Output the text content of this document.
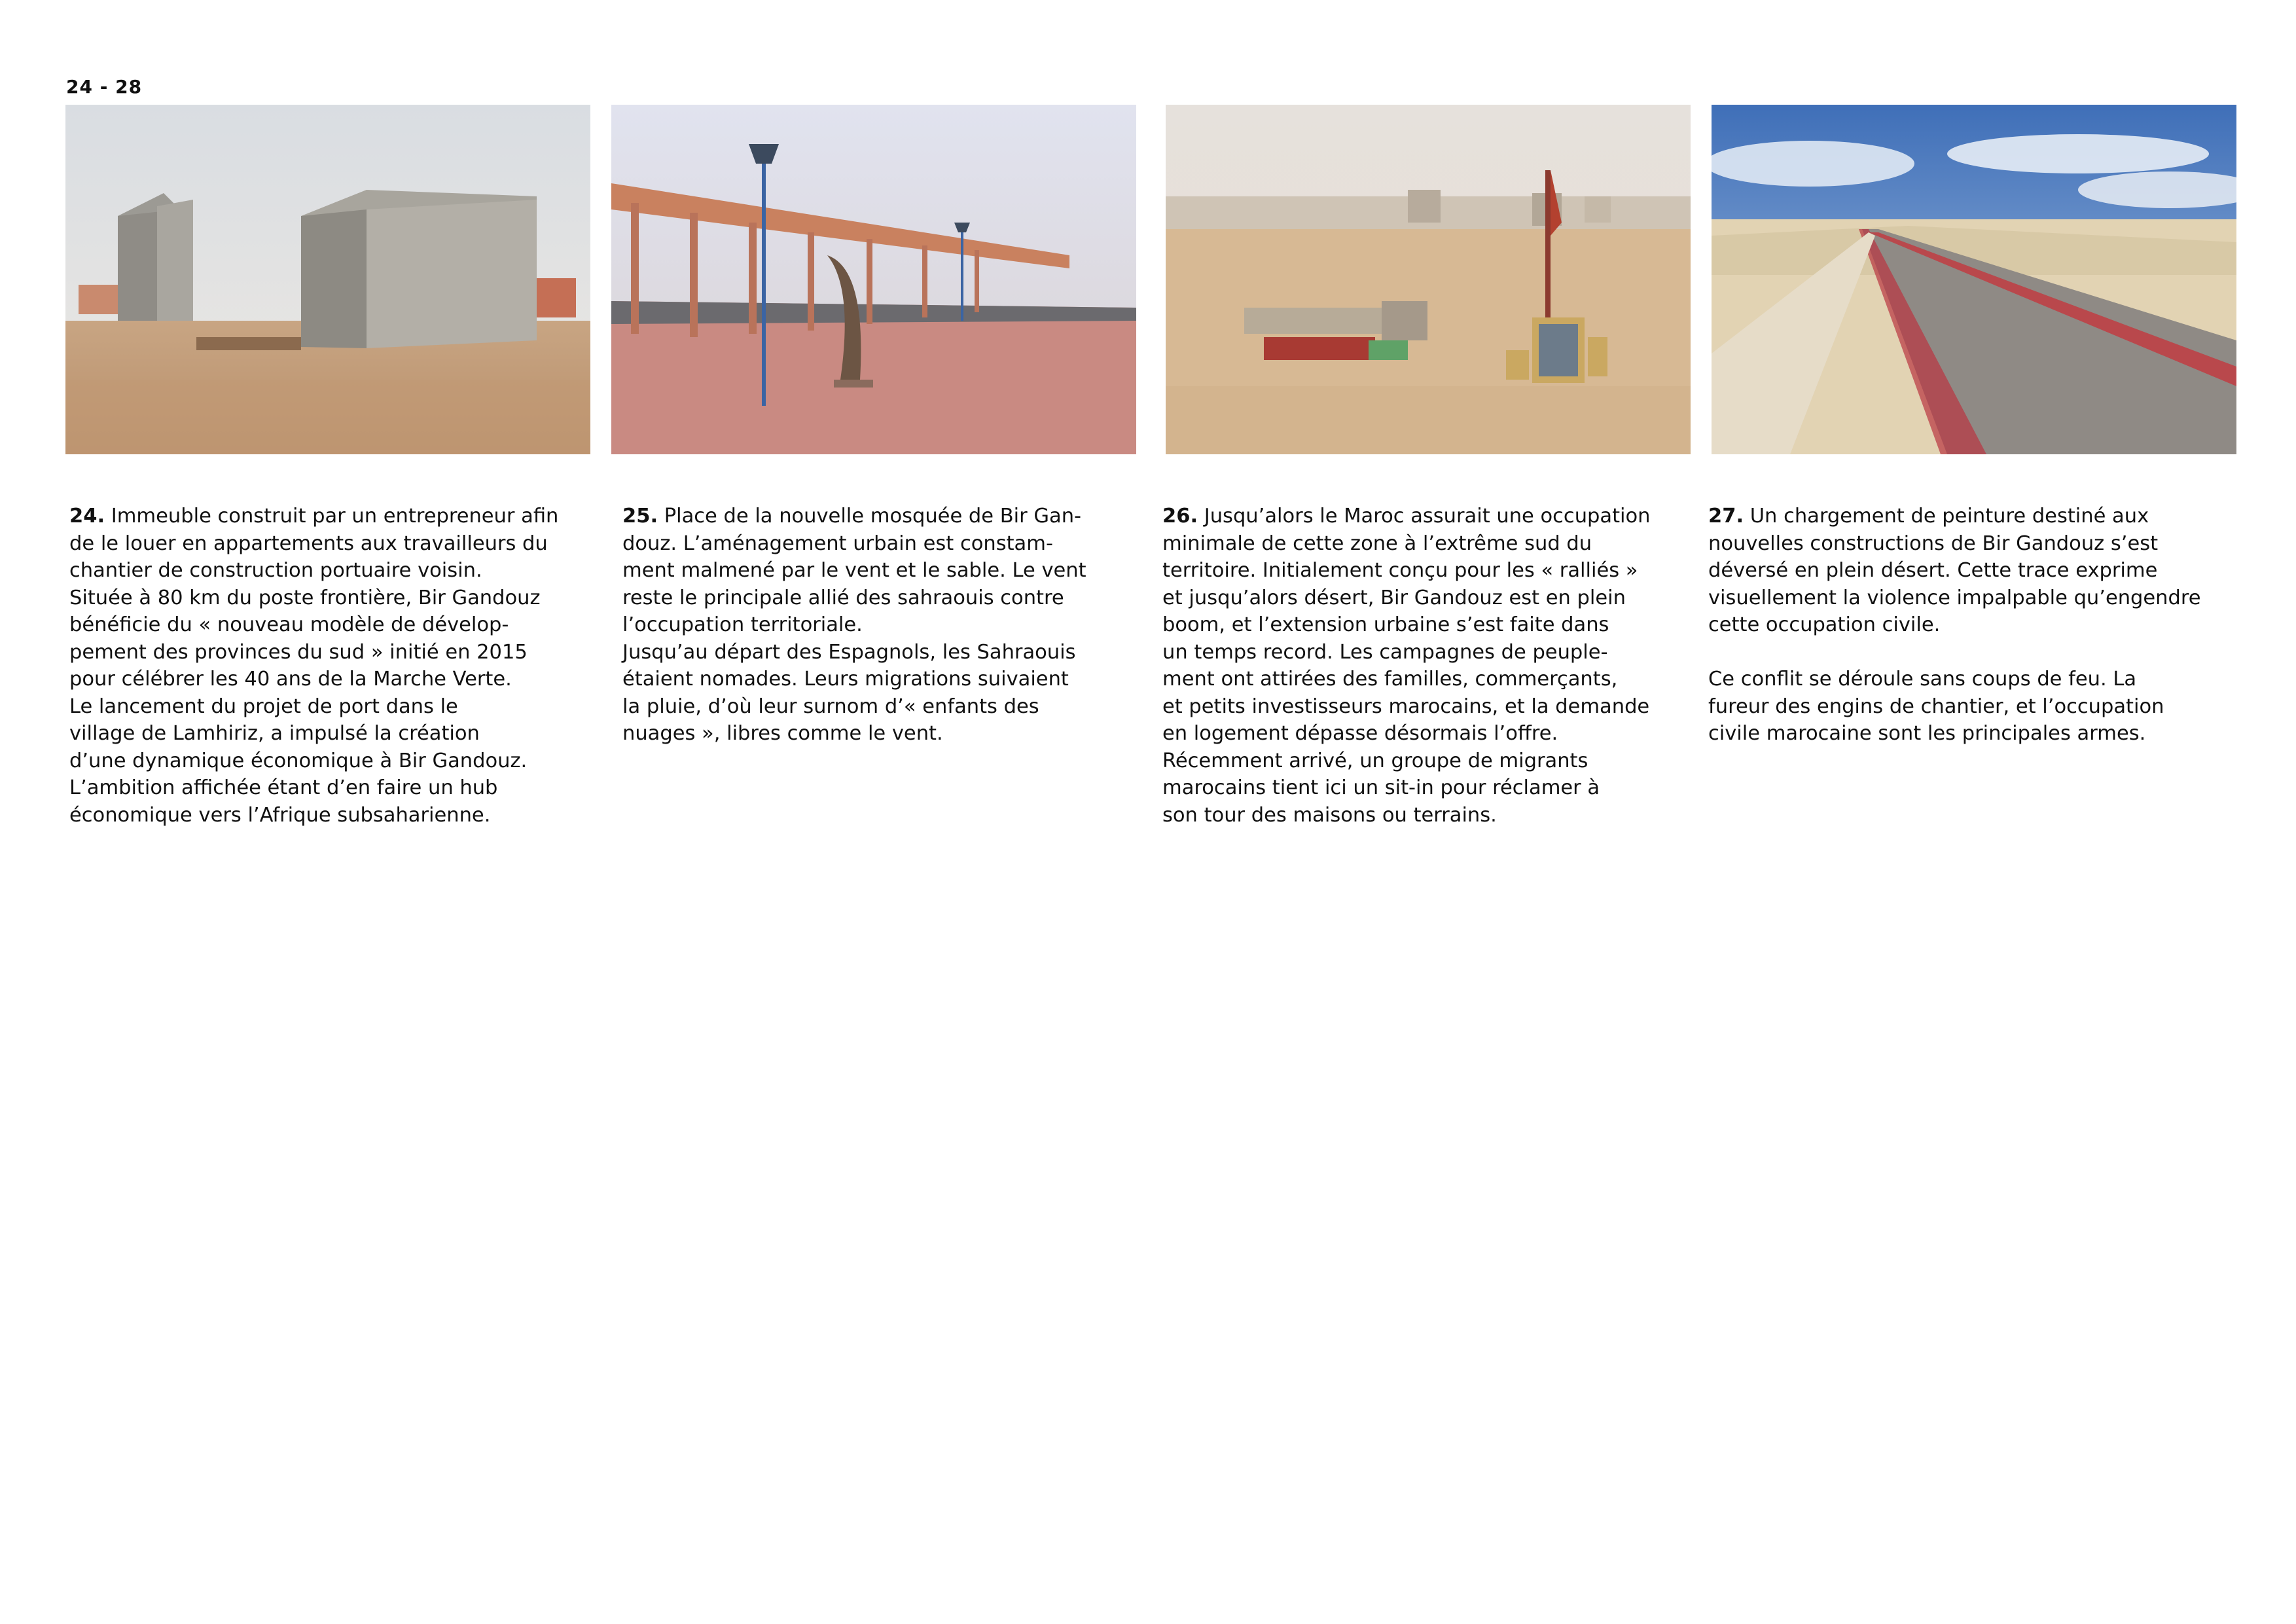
24 - 28
24. Immeuble construit par un entrepreneur afin
de le louer en appartements aux travailleurs du
chantier de construction portuaire voisin.
Située à 80 km du poste frontière, Bir Gandouz
bénéficie du « nouveau modèle de dévelop-
pement des provinces du sud » initié en 2015
pour célébrer les 40 ans de la Marche Verte.
Le lancement du projet de port dans le
village de Lamhiriz, a impulsé la création
d’une dynamique économique à Bir Gandouz.
L’ambition affichée étant d’en faire un hub
économique vers l’Afrique subsaharienne.
25. Place de la nouvelle mosquée de Bir Gan-
douz. L’aménagement urbain est constam-
ment malmené par le vent et le sable. Le vent
reste le principale allié des sahraouis contre
l’occupation territoriale.
Jusqu’au départ des Espagnols, les Sahraouis
étaient nomades. Leurs migrations suivaient
la pluie, d’où leur surnom d’« enfants des
nuages », libres comme le vent.
26. Jusqu’alors le Maroc assurait une occupation
minimale de cette zone à l’extrême sud du
territoire. Initialement conçu pour les « ralliés »
et jusqu’alors désert, Bir Gandouz est en plein
boom, et l’extension urbaine s’est faite dans
un temps record. Les campagnes de peuple-
ment ont attirées des familles, commerçants,
et petits investisseurs marocains, et la demande
en logement dépasse désormais l’offre.
Récemment arrivé, un groupe de migrants
marocains tient ici un sit-in pour réclamer à
son tour des maisons ou terrains.
27. Un chargement de peinture destiné aux
nouvelles constructions de Bir Gandouz s’est
déversé en plein désert. Cette trace exprime
visuellement la violence impalpable qu’engendre
cette occupation civile.

Ce conflit se déroule sans coups de feu. La
fureur des engins de chantier, et l’occupation
civile marocaine sont les principales armes.
